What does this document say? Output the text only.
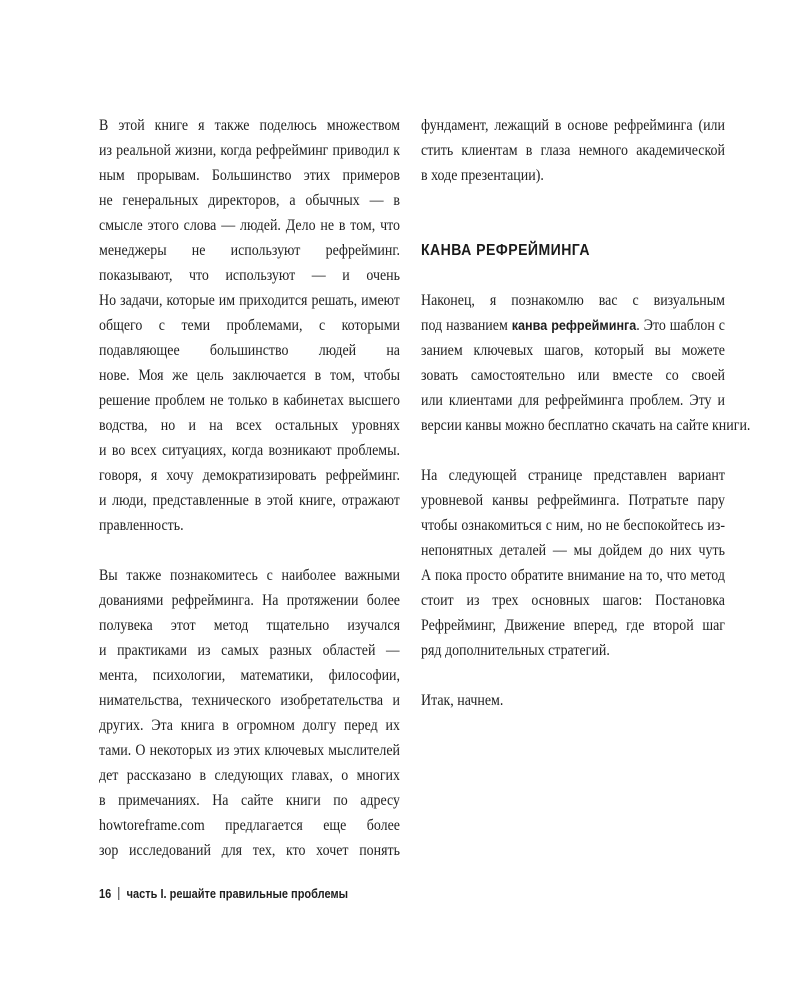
В этой книге я также поделюсь множеством
из реальной жизни, когда рефрейминг приводил к
ным прорывам. Большинство этих примеров
не генеральных директоров, а обычных — в
смысле этого слова — людей. Дело не в том, что
менеджеры не используют рефрейминг.
показывают, что используют — и очень
Но задачи, которые им приходится решать, имеют
общего с теми проблемами, с которыми
подавляющее большинство людей на
нове. Моя же цель заключается в том, чтобы
решение проблем не только в кабинетах высшего
водства, но и на всех остальных уровнях
и во всех ситуациях, когда возникают проблемы.
говоря, я хочу демократизировать рефрейминг.
и люди, представленные в этой книге, отражают
правленность.

Вы также познакомитесь с наиболее важными
дованиями рефрейминга. На протяжении более
полувека этот метод тщательно изучался
и практиками из самых разных областей —
мента, психологии, математики, философии,
нимательства, технического изобретательства и
других. Эта книга в огромном долгу перед их
тами. О некоторых из этих ключевых мыслителей
дет рассказано в следующих главах, о многих
в примечаниях. На сайте книги по адресу
howtoreframe.com предлагается еще более
зор исследований для тех, кто хочет понять

фундамент, лежащий в основе рефрейминга (или
стить клиентам в глаза немного академической
в ходе презентации).

КАНВА РЕФРЕЙМИНГА

Наконец, я познакомлю вас с визуальным
под названием канва рефрейминга. Это шаблон с
занием ключевых шагов, который вы можете
зовать самостоятельно или вместе со своей
или клиентами для рефрейминга проблем. Эту и
версии канвы можно бесплатно скачать на сайте книги.

На следующей странице представлен вариант
уровневой канвы рефрейминга. Потратьте пару
чтобы ознакомиться с ним, но не беспокойтесь из-
непонятных деталей — мы дойдем до них чуть
А пока просто обратите внимание на то, что метод
стоит из трех основных шагов: Постановка
Рефрейминг, Движение вперед, где второй шаг
ряд дополнительных стратегий.

Итак, начнем.

16 часть I. решайте правильные проблемы
